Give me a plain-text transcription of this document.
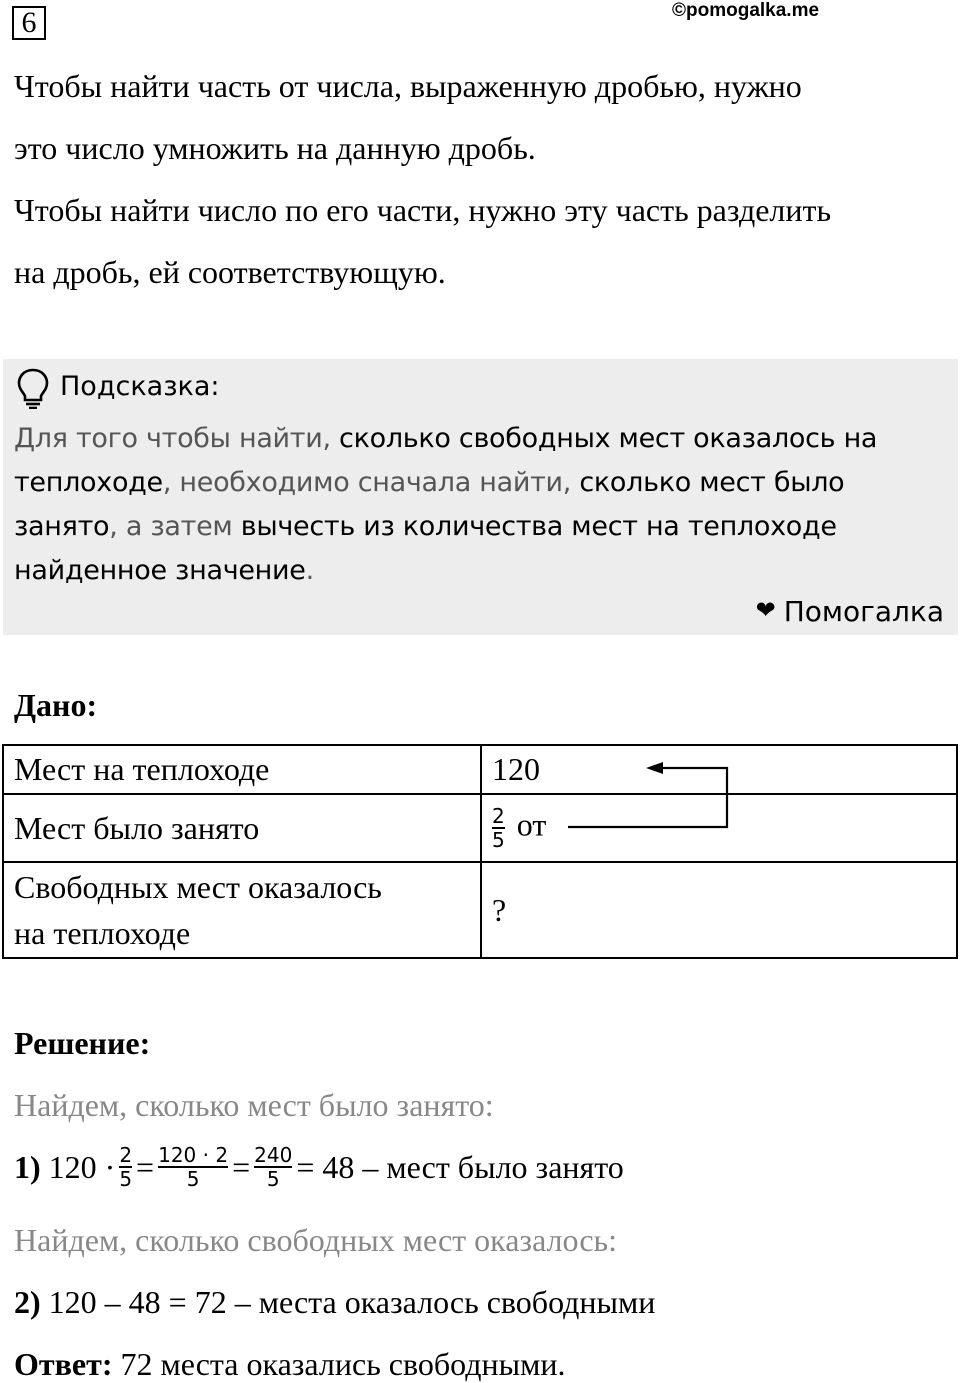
6	©pomogalka.me
Чтобы найти часть от числа, выраженную дробью, нужно
это число умножить на данную дробь.
Чтобы найти число по его части, нужно эту часть разделить
на дробь, ей соответствующую.
Подсказка:
Для того чтобы найти, сколько свободных мест оказалось на теплоходе, необходимо сначала найти, сколько мест было занято, а затем вычесть из количества мест на теплоходе найденное значение.
❤ Помогалка
Дано:
Мест на теплоходе	120
Мест было занято	$\frac{2}{5}$ от
Свободных мест оказалось
на теплоходе	?
Решение:
Найдем, сколько мест было занято:
1)
$120 \cdot \frac{2}{5} = \frac{120 \cdot 2}{5} = \frac{240}{5} = 48$ – мест было занято
Найдем, сколько свободных мест оказалось:
2) 120 – 48 = 72 – места оказалось свободными
Ответ: 72 места оказались свободными.
